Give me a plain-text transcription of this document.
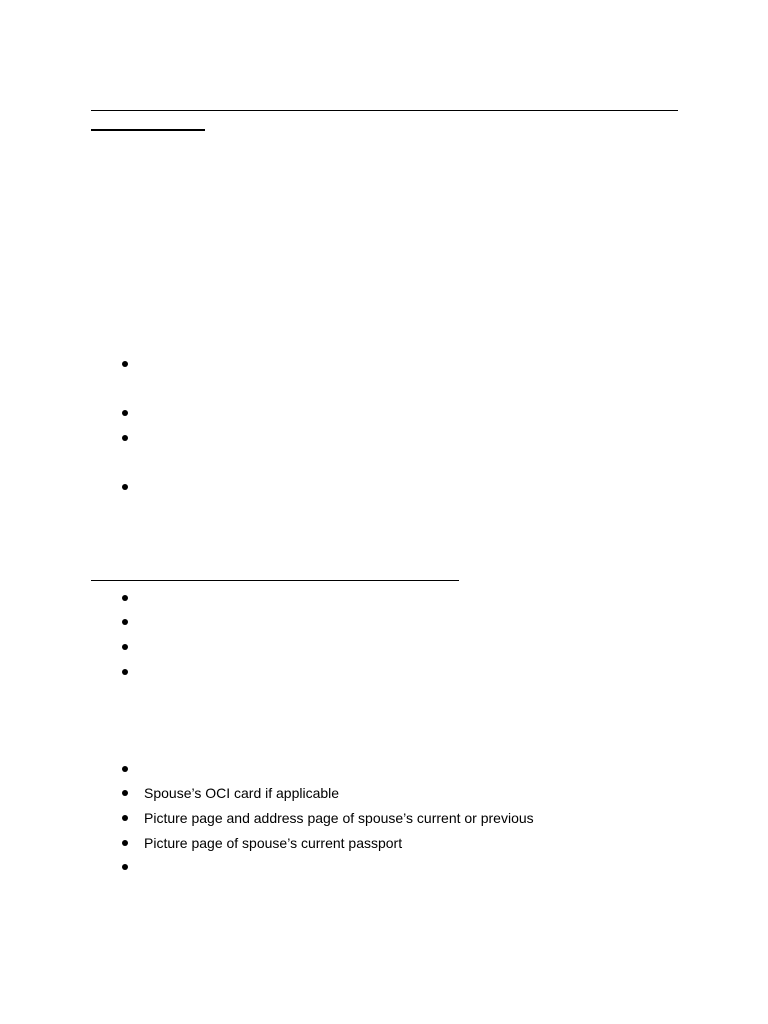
Spouse’s OCI card if applicable
Picture page and address page of spouse’s current or previous
Picture page of spouse’s current passport
